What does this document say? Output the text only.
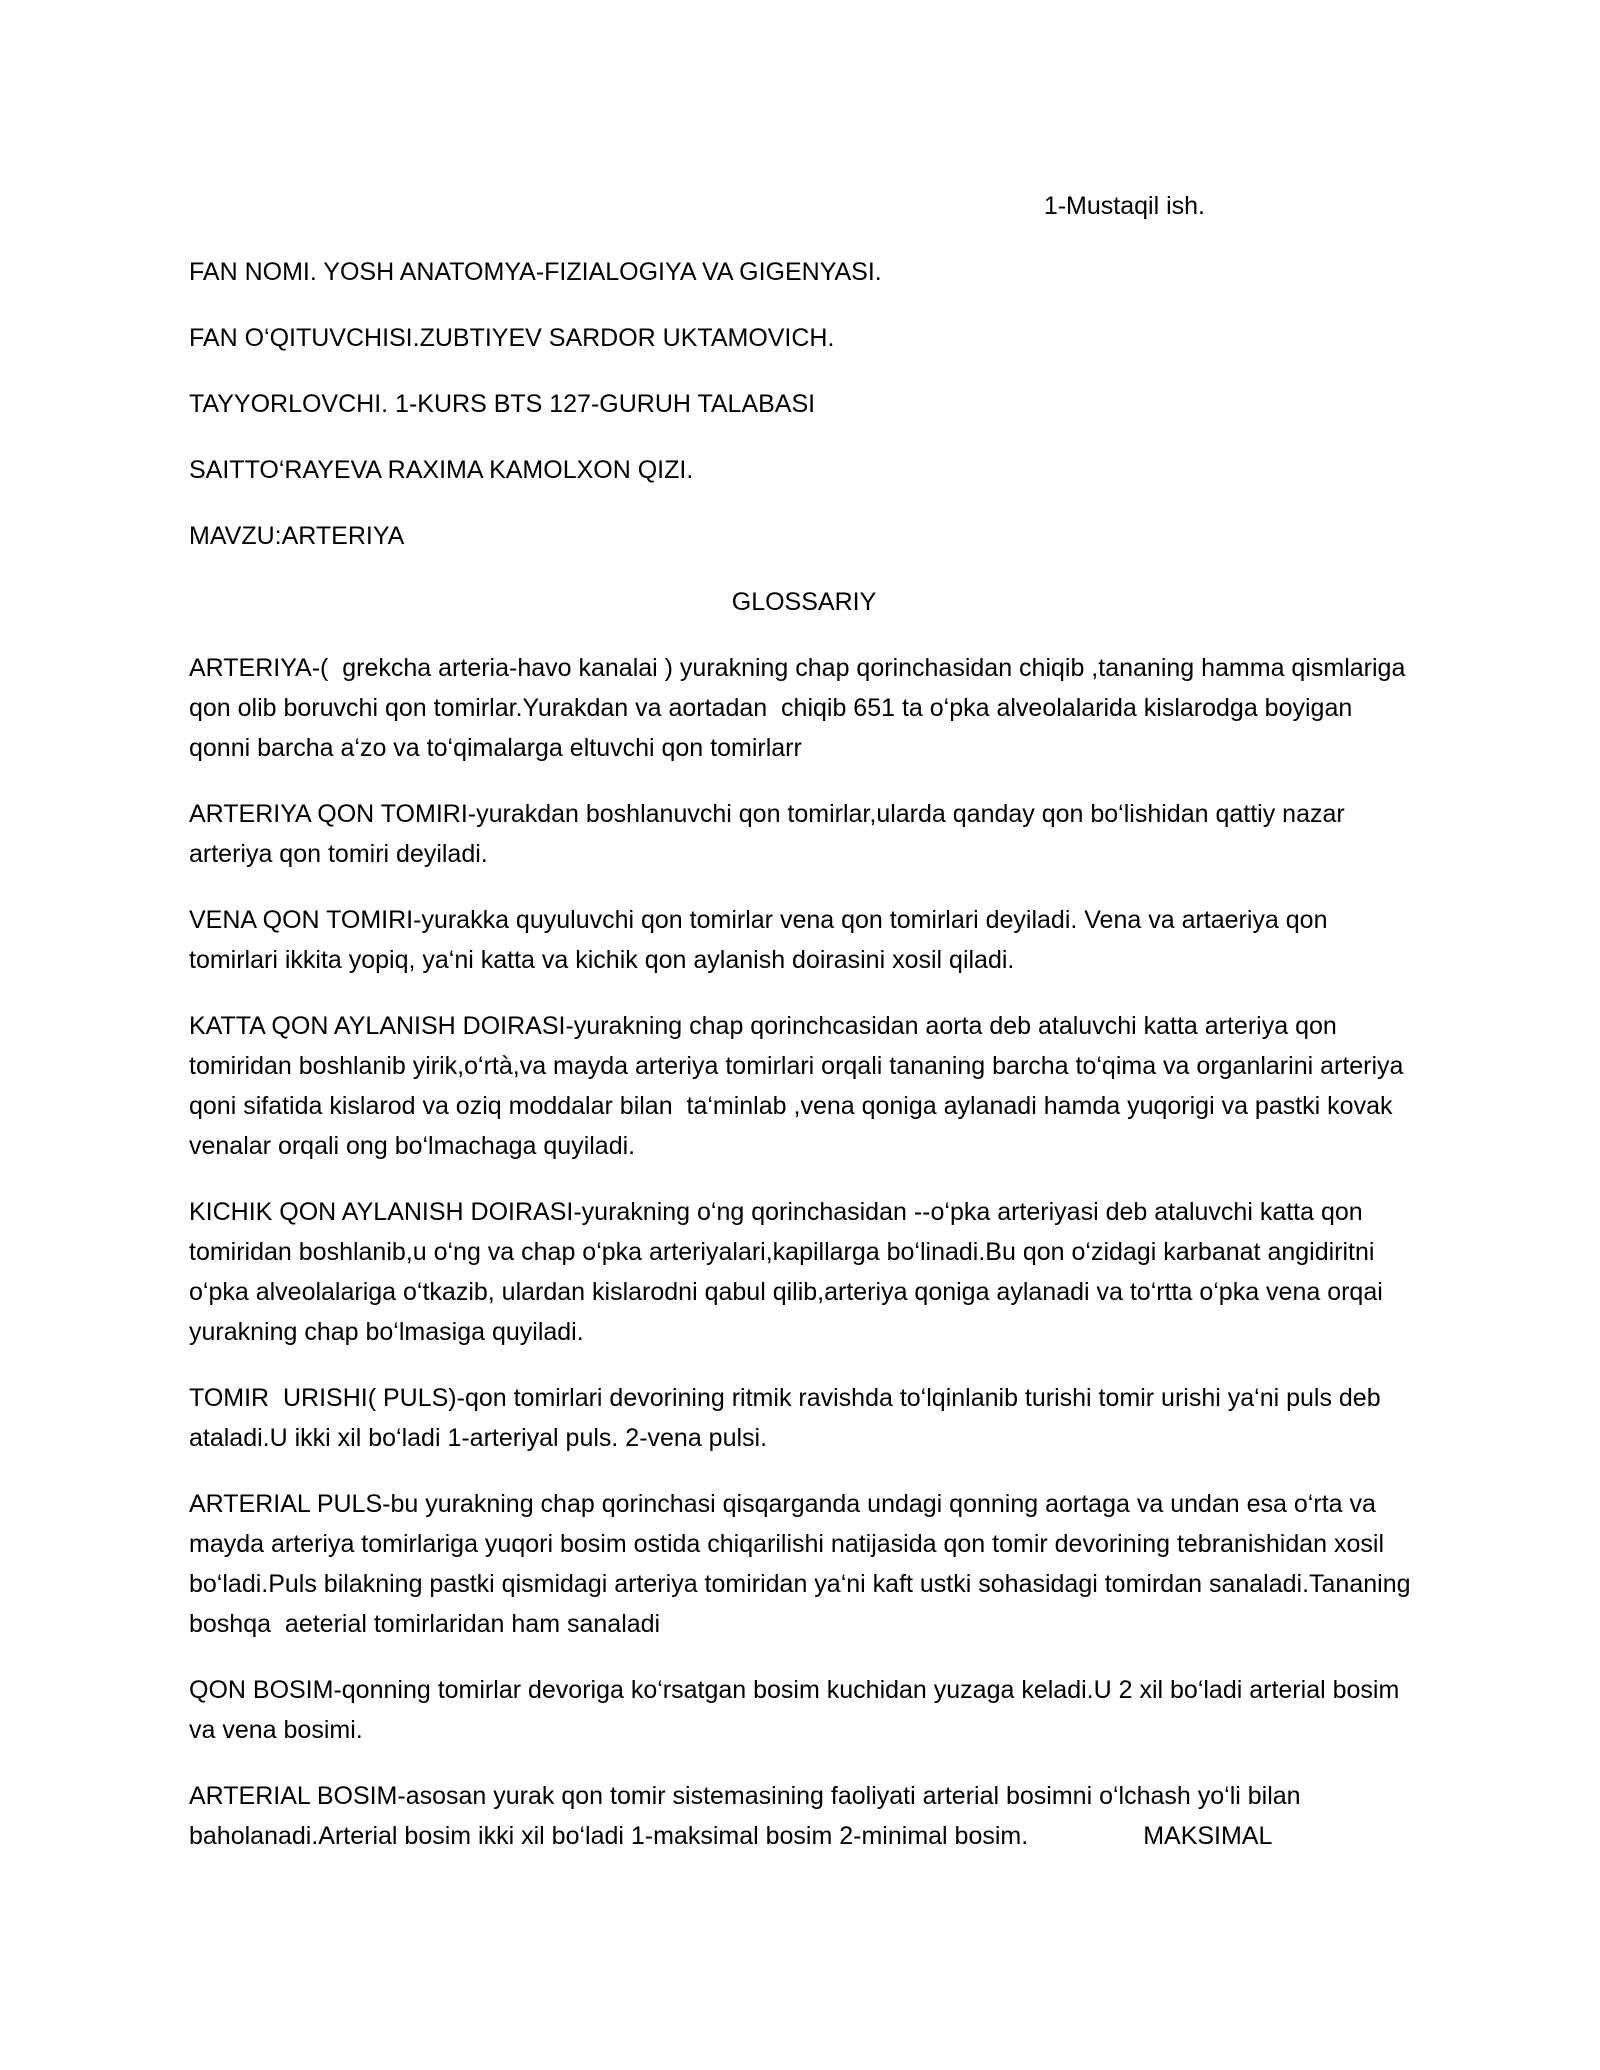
1-Mustaqil ish.
FAN NOMI. YOSH ANATOMYA-FIZIALOGIYA VA GIGENYASI.
FAN O‘QITUVCHISI.ZUBTIYEV SARDOR UKTAMOVICH.
TAYYORLOVCHI. 1-KURS BTS 127-GURUH TALABASI
SAITTO‘RAYEVA RAXIMA KAMOLXON QIZI.
MAVZU:ARTERIYA
GLOSSARIY

ARTERIYA-(  grekcha arteria-havo kanalai ) yurakning chap qorinchasidan chiqib ,tananing hamma qismlariga qon olib boruvchi qon tomirlar.Yurakdan va aortadan  chiqib 651 ta o‘pka alveolalarida kislarodga boyigan qonni barcha a‘zo va to‘qimalarga eltuvchi qon tomirlarr

ARTERIYA QON TOMIRI-yurakdan boshlanuvchi qon tomirlar,ularda qanday qon bo‘lishidan qattiy nazar arteriya qon tomiri deyiladi.

VENA QON TOMIRI-yurakka quyuluvchi qon tomirlar vena qon tomirlari deyiladi. Vena va artaeriya qon tomirlari ikkita yopiq, ya‘ni katta va kichik qon aylanish doirasini xosil qiladi.

KATTA QON AYLANISH DOIRASI-yurakning chap qorinchcasidan aorta deb ataluvchi katta arteriya qon tomiridan boshlanib yirik,o‘rtà,va mayda arteriya tomirlari orqali tananing barcha to‘qima va organlarini arteriya qoni sifatida kislarod va oziq moddalar bilan  ta‘minlab ,vena qoniga aylanadi hamda yuqorigi va pastki kovak venalar orqali ong bo‘lmachaga quyiladi.

KICHIK QON AYLANISH DOIRASI-yurakning o‘ng qorinchasidan --o‘pka arteriyasi deb ataluvchi katta qon tomiridan boshlanib,u o‘ng va chap o‘pka arteriyalari,kapillarga bo‘linadi.Bu qon o‘zidagi karbanat angidiritni o‘pka alveolalariga o‘tkazib, ulardan kislarodni qabul qilib,arteriya qoniga aylanadi va to‘rtta o‘pka vena orqai yurakning chap bo‘lmasiga quyiladi.

TOMIR  URISHI( PULS)-qon tomirlari devorining ritmik ravishda to‘lqinlanib turishi tomir urishi ya‘ni puls deb ataladi.U ikki xil bo‘ladi 1-arteriyal puls. 2-vena pulsi.

ARTERIAL PULS-bu yurakning chap qorinchasi qisqarganda undagi qonning aortaga va undan esa o‘rta va mayda arteriya tomirlariga yuqori bosim ostida chiqarilishi natijasida qon tomir devorining tebranishidan xosil bo‘ladi.Puls bilakning pastki qismidagi arteriya tomiridan ya‘ni kaft ustki sohasidagi tomirdan sanaladi.Tananing boshqa  aeterial tomirlaridan ham sanaladi

QON BOSIM-qonning tomirlar devoriga ko‘rsatgan bosim kuchidan yuzaga keladi.U 2 xil bo‘ladi arterial bosim va vena bosimi.

ARTERIAL BOSIM-asosan yurak qon tomir sistemasining faoliyati arterial bosimni o‘lchash yo‘li bilan baholanadi.Arterial bosim ikki xil bo‘ladi 1-maksimal bosim 2-minimal bosim.	MAKSIMAL
